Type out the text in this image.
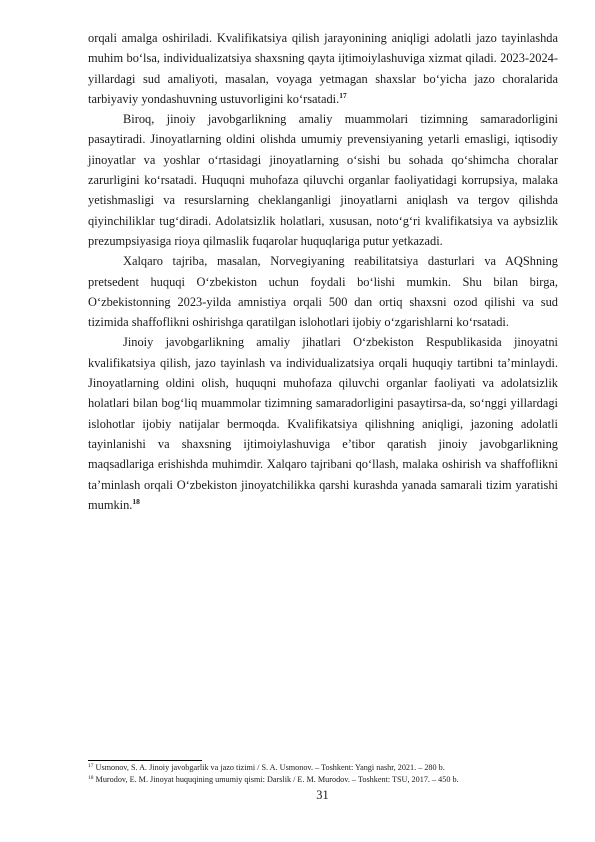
orqali amalga oshiriladi. Kvalifikatsiya qilish jarayonining aniqligi adolatli jazo tayinlashda muhim bo‘lsa, individualizatsiya shaxsning qayta ijtimoiylashuviga xizmat qiladi. 2023-2024-yillardagi sud amaliyoti, masalan, voyaga yetmagan shaxslar bo‘yicha jazo choralarida tarbiyaviy yondashuvning ustuvorligini ko‘rsatadi.$^{17}$

Biroq, jinoiy javobgarlikning amaliy muammolari tizimning samaradorligini pasaytiradi. Jinoyatlarning oldini olishda umumiy prevensiyaning yetarli emasligi, iqtisodiy jinoyatlar va yoshlar o‘rtasidagi jinoyatlarning o‘sishi bu sohada qo‘shimcha choralar zarurligini ko‘rsatadi. Huquqni muhofaza qiluvchi organlar faoliyatidagi korrupsiya, malaka yetishmasligi va resurslarning cheklanganligi jinoyatlarni aniqlash va tergov qilishda qiyinchiliklar tug‘diradi. Adolatsizlik holatlari, xususan, noto‘g‘ri kvalifikatsiya va aybsizlik prezumpsiyasiga rioya qilmaslik fuqarolar huquqlariga putur yetkazadi.

Xalqaro tajriba, masalan, Norvegiyaning reabilitatsiya dasturlari va AQShning pretsedent huquqi O‘zbekiston uchun foydali bo‘lishi mumkin. Shu bilan birga, O‘zbekistonning 2023-yilda amnistiya orqali 500 dan ortiq shaxsni ozod qilishi va sud tizimida shaffoflikni oshirishga qaratilgan islohotlari ijobiy o‘zgarishlarni ko‘rsatadi.

Jinoiy javobgarlikning amaliy jihatlari O‘zbekiston Respublikasida jinoyatni kvalifikatsiya qilish, jazo tayinlash va individualizatsiya orqali huquqiy tartibni ta’minlaydi. Jinoyatlarning oldini olish, huquqni muhofaza qiluvchi organlar faoliyati va adolatsizlik holatlari bilan bog‘liq muammolar tizimning samaradorligini pasaytirsa-da, so‘nggi yillardagi islohotlar ijobiy natijalar bermoqda. Kvalifikatsiya qilishning aniqligi, jazoning adolatli tayinlanishi va shaxsning ijtimoiylashuviga e’tibor qaratish jinoiy javobgarlikning maqsadlariga erishishda muhimdir. Xalqaro tajribani qo‘llash, malaka oshirish va shaffoflikni ta’minlash orqali O‘zbekiston jinoyatchilikka qarshi kurashda yanada samarali tizim yaratishi mumkin.$^{18}$

$^{17}$ Usmonov, S. A. Jinoiy javobgarlik va jazo tizimi / S. A. Usmonov. – Toshkent: Yangi nashr, 2021. – 280 b.

$^{18}$ Murodov, E. M. Jinoyat huquqining umumiy qismi: Darslik / E. M. Murodov. – Toshkent: TSU, 2017. – 450 b.

31
